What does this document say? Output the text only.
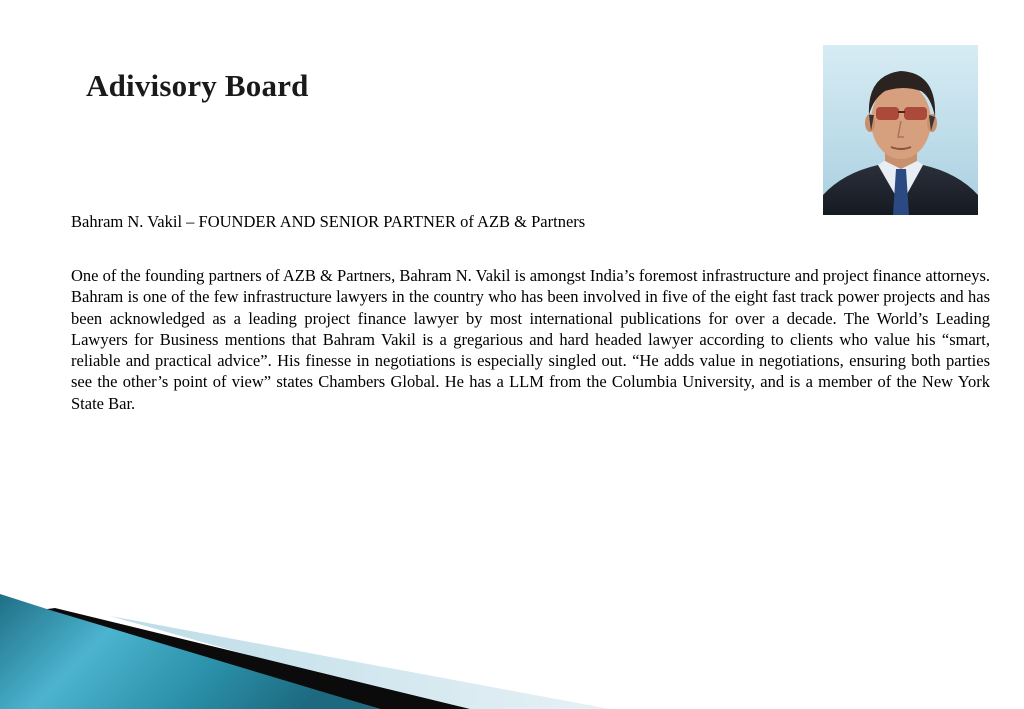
Adivisory Board

Bahram N. Vakil – FOUNDER AND SENIOR PARTNER of AZB & Partners

One of the founding partners of AZB & Partners, Bahram N. Vakil is amongst India’s foremost infrastructure and project finance attorneys. Bahram is one of the few infrastructure lawyers in the country who has been involved in five of the eight fast track power projects and has been acknowledged as a leading project finance lawyer by most international publications for over a decade. The World’s Leading Lawyers for Business mentions that Bahram Vakil is a gregarious and hard headed lawyer according to clients who value his “smart, reliable and practical advice”. His finesse in negotiations is especially singled out. “He adds value in negotiations, ensuring both parties see the other’s point of view” states Chambers Global. He has a LLM from the Columbia University, and is a member of the New York State Bar.
